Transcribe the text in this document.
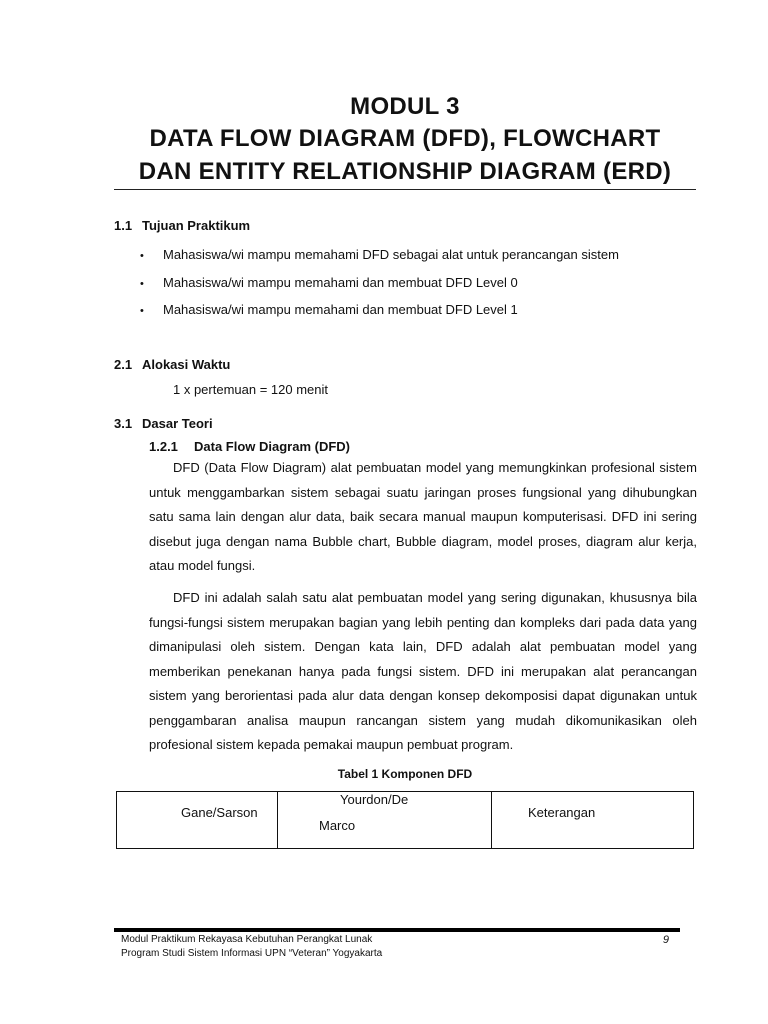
MODUL 3
DATA FLOW DIAGRAM (DFD), FLOWCHART
DAN ENTITY RELATIONSHIP DIAGRAM (ERD)
1.1 Tujuan Praktikum
• Mahasiswa/wi mampu memahami DFD sebagai alat untuk perancangan sistem
• Mahasiswa/wi mampu memahami dan membuat DFD Level 0
• Mahasiswa/wi mampu memahami dan membuat DFD Level 1
2.1 Alokasi Waktu
1 x pertemuan = 120 menit
3.1 Dasar Teori
1.2.1 Data Flow Diagram (DFD)

DFD (Data Flow Diagram) alat pembuatan model yang memungkinkan profesional sistem untuk menggambarkan sistem sebagai suatu jaringan proses fungsional yang dihubungkan satu sama lain dengan alur data, baik secara manual maupun komputerisasi. DFD ini sering disebut juga dengan nama Bubble chart, Bubble diagram, model proses, diagram alur kerja, atau model fungsi.

DFD ini adalah salah satu alat pembuatan model yang sering digunakan, khususnya bila fungsi-fungsi sistem merupakan bagian yang lebih penting dan kompleks dari pada data yang dimanipulasi oleh sistem. Dengan kata lain, DFD adalah alat pembuatan model yang memberikan penekanan hanya pada fungsi sistem. DFD ini merupakan alat perancangan sistem yang berorientasi pada alur data dengan konsep dekomposisi dapat digunakan untuk penggambaran analisa maupun rancangan sistem yang mudah dikomunikasikan oleh profesional sistem kepada pemakai maupun pembuat program.

Tabel 1 Komponen DFD
Gane/Sarson
Yourdon/De
Marco
Keterangan
Modul Praktikum Rekayasa Kebutuhan Perangkat Lunak
Program Studi Sistem Informasi UPN “Veteran” Yogyakarta
9
